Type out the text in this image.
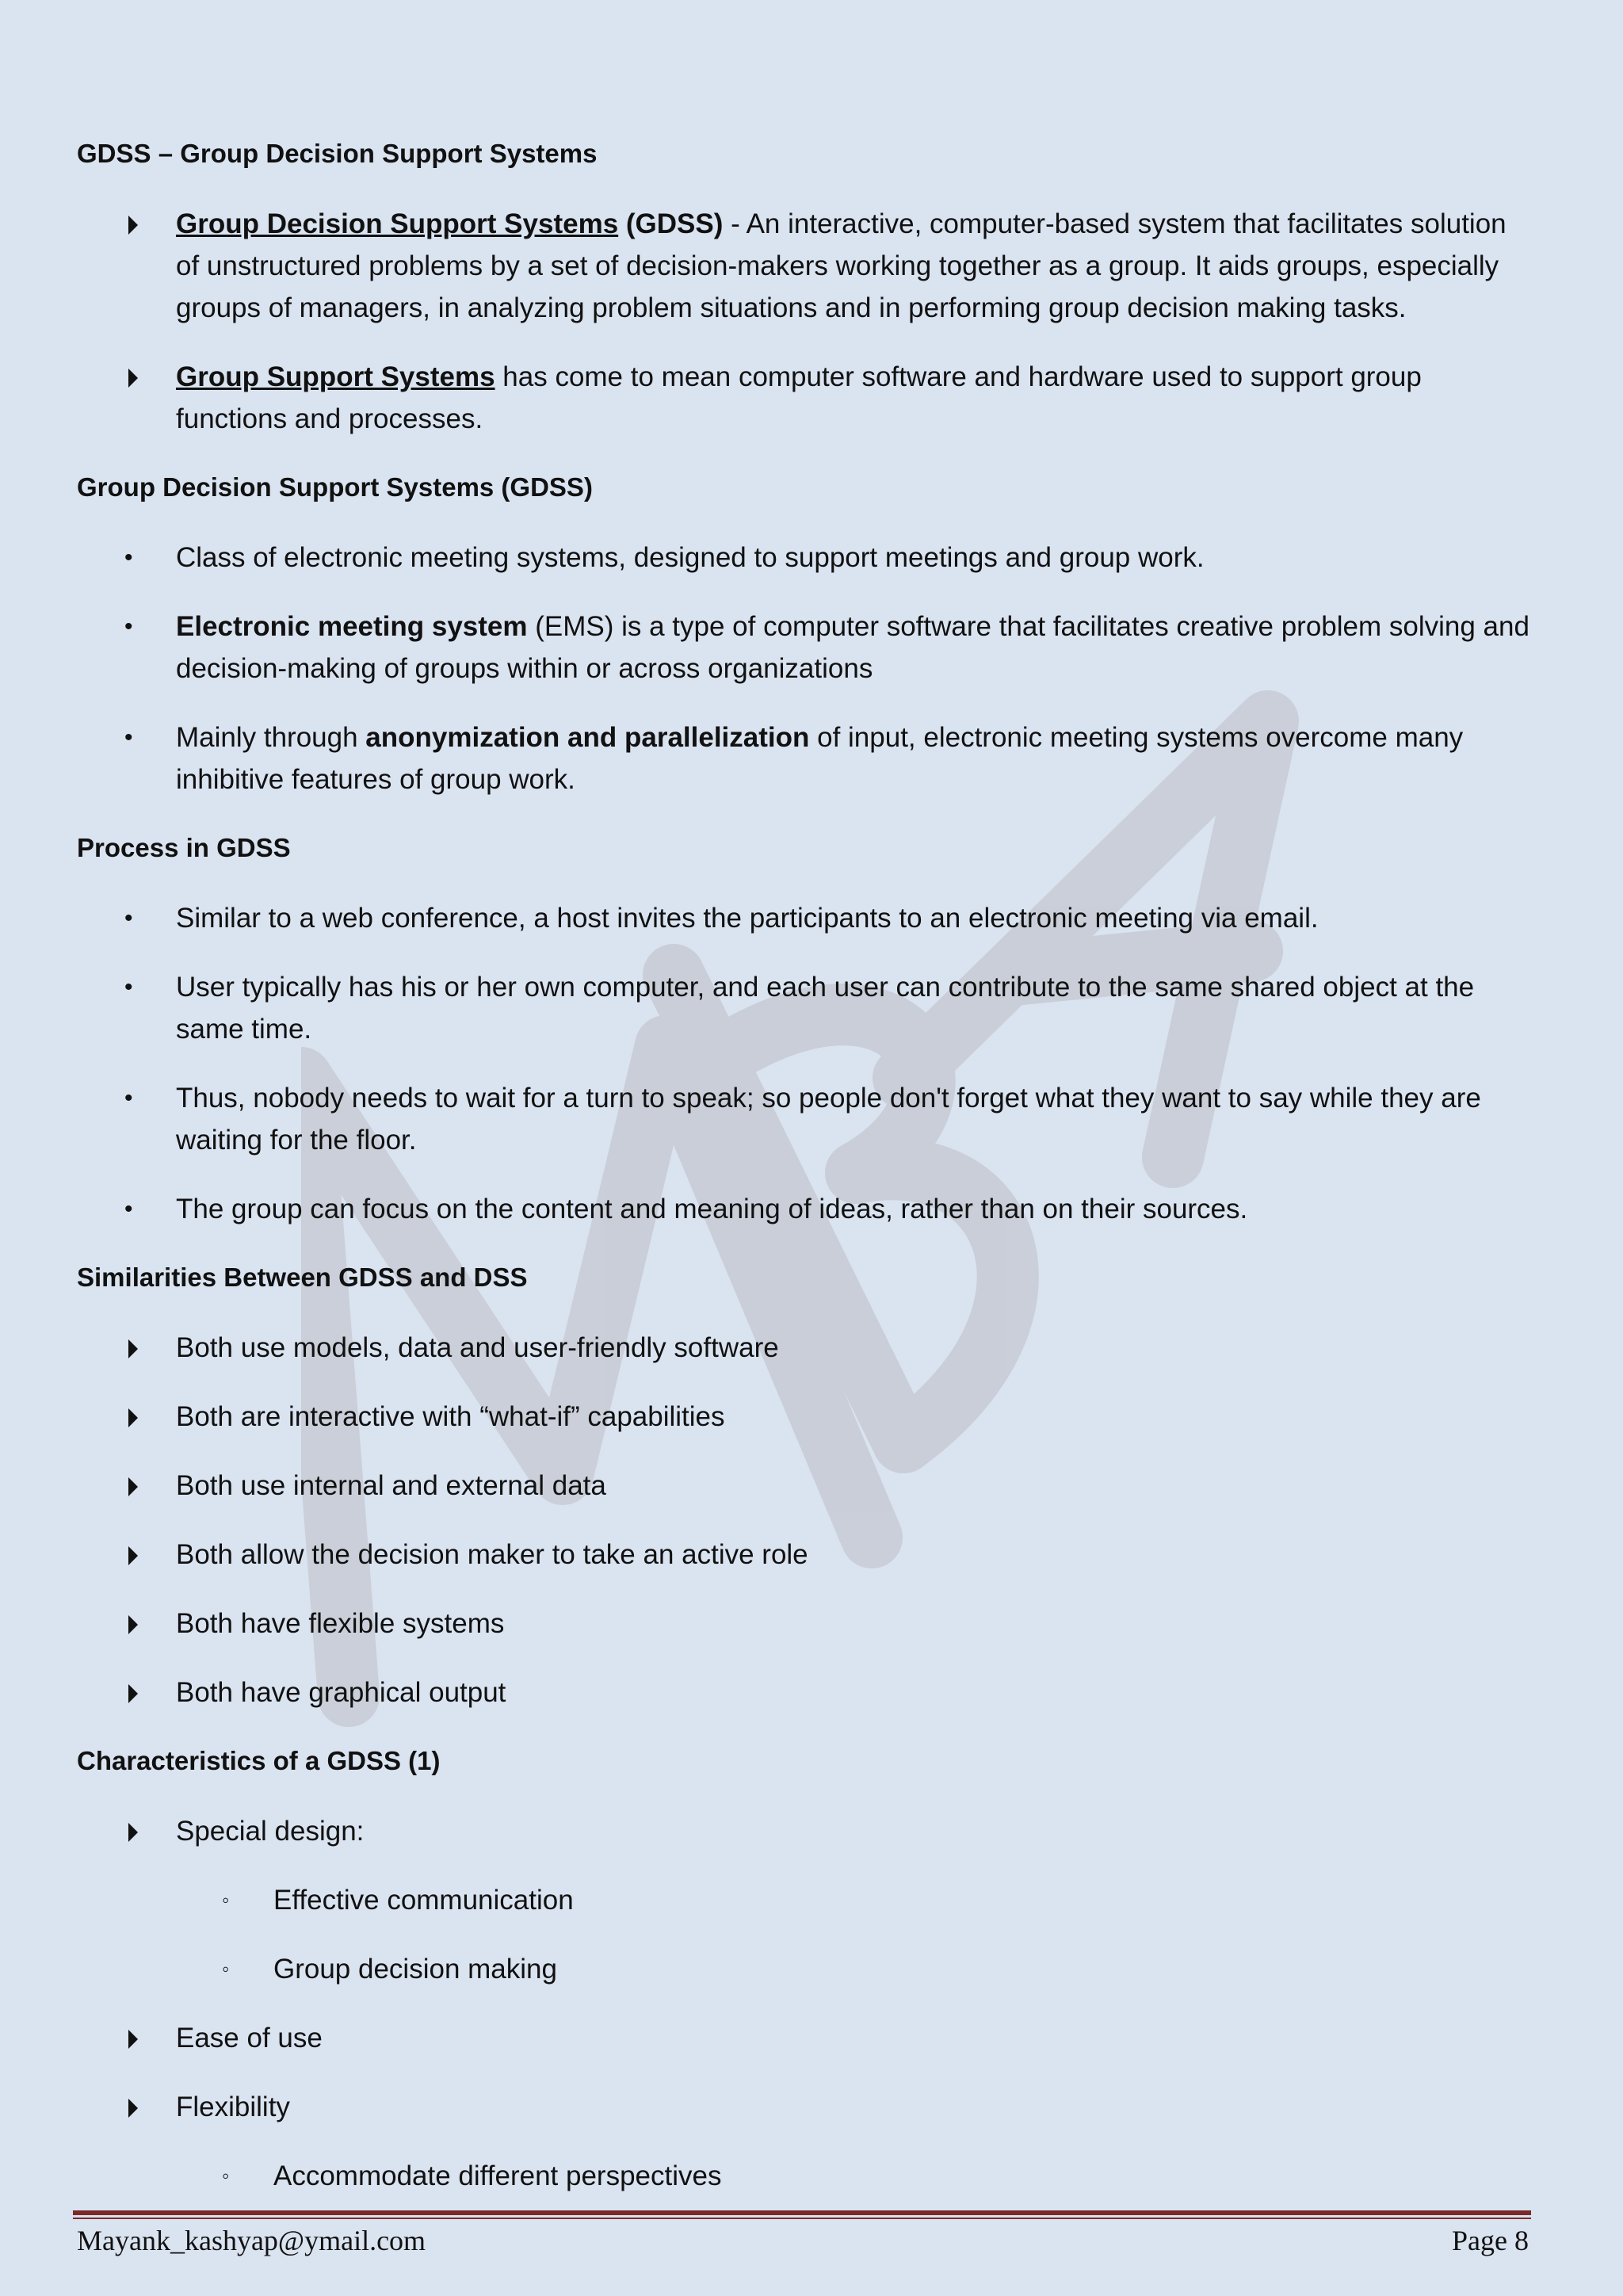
GDSS – Group Decision Support Systems
Group Decision Support Systems (GDSS) - An interactive, computer-based system that facilitates solution of unstructured problems by a set of decision-makers working together as a group. It aids groups, especially groups of managers, in analyzing problem situations and in performing group decision making tasks.
Group Support Systems has come to mean computer software and hardware used to support group functions and processes.
Group Decision Support Systems (GDSS)
• Class of electronic meeting systems, designed to support meetings and group work.
• Electronic meeting system (EMS) is a type of computer software that facilitates creative problem solving and decision-making of groups within or across organizations
• Mainly through anonymization and parallelization of input, electronic meeting systems overcome many inhibitive features of group work.
Process in GDSS
• Similar to a web conference, a host invites the participants to an electronic meeting via email.
• User typically has his or her own computer, and each user can contribute to the same shared object at the same time.
• Thus, nobody needs to wait for a turn to speak; so people don't forget what they want to say while they are waiting for the floor.
• The group can focus on the content and meaning of ideas, rather than on their sources.
Similarities Between GDSS and DSS
Both use models, data and user-friendly software
Both are interactive with “what-if” capabilities
Both use internal and external data
Both allow the decision maker to take an active role
Both have flexible systems
Both have graphical output
Characteristics of a GDSS (1)
Special design:
◦ Effective communication
◦ Group decision making
Ease of use
Flexibility
◦ Accommodate different perspectives
Mayank_kashyap@ymail.com	Page 8
